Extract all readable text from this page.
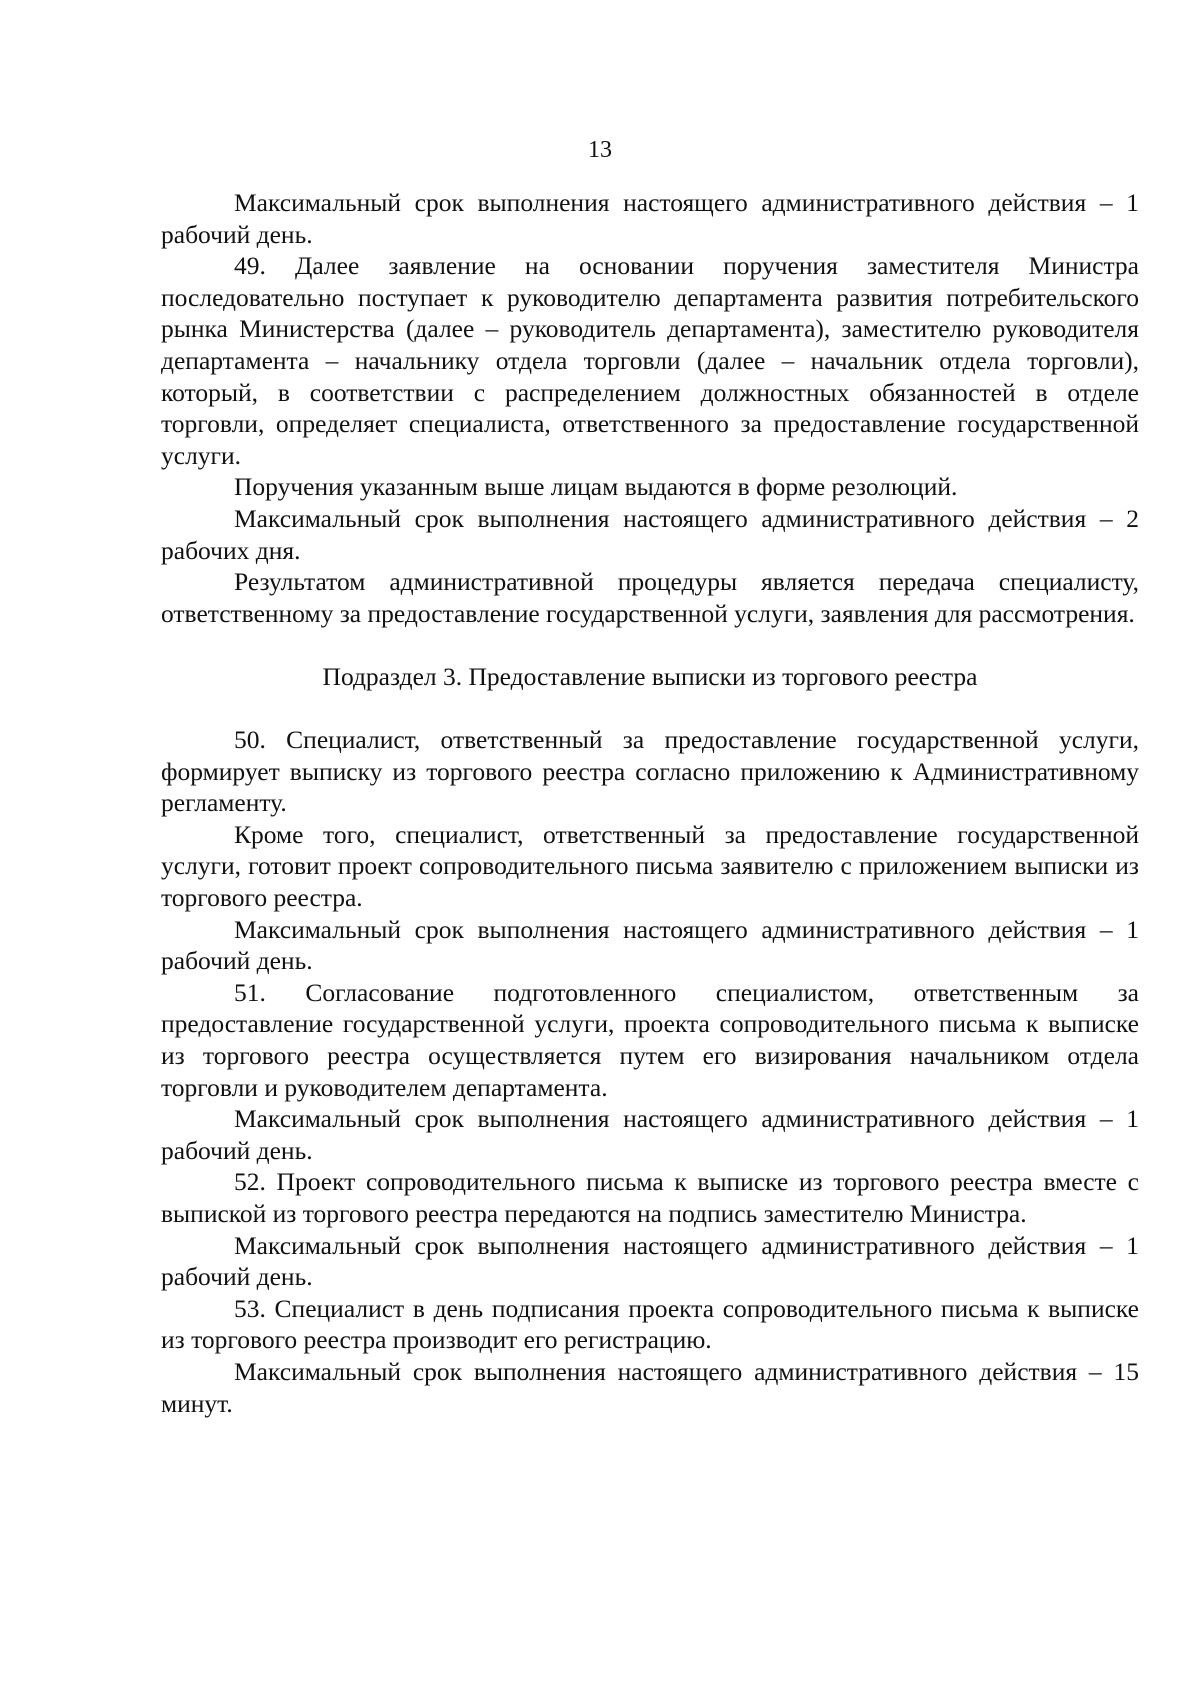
13

Максимальный срок выполнения настоящего административного действия – 1 рабочий день.

49. Далее заявление на основании поручения заместителя Министра последовательно поступает к руководителю департамента развития потребительского рынка Министерства (далее – руководитель департамента), заместителю руководителя департамента – начальнику отдела торговли (далее – начальник отдела торговли), который, в соответствии с распределением должностных обязанностей в отделе торговли, определяет специалиста, ответственного за предоставление государственной услуги.

Поручения указанным выше лицам выдаются в форме резолюций.

Максимальный срок выполнения настоящего административного действия – 2 рабочих дня.

Результатом административной процедуры является передача специалисту, ответственному за предоставление государственной услуги, заявления для рассмотрения.

Подраздел 3. Предоставление выписки из торгового реестра

50. Специалист, ответственный за предоставление государственной услуги, формирует выписку из торгового реестра согласно приложению к Административному регламенту.

Кроме того, специалист, ответственный за предоставление государственной услуги, готовит проект сопроводительного письма заявителю с приложением выписки из торгового реестра.

Максимальный срок выполнения настоящего административного действия – 1 рабочий день.

51. Согласование подготовленного специалистом, ответственным за предоставление государственной услуги, проекта сопроводительного письма к выписке из торгового реестра осуществляется путем его визирования начальником отдела торговли и руководителем департамента.

Максимальный срок выполнения настоящего административного действия – 1 рабочий день.

52. Проект сопроводительного письма к выписке из торгового реестра вместе с выпиской из торгового реестра передаются на подпись заместителю Министра.

Максимальный срок выполнения настоящего административного действия – 1 рабочий день.

53. Специалист в день подписания проекта сопроводительного письма к выписке из торгового реестра производит его регистрацию.

Максимальный срок выполнения настоящего административного действия – 15 минут.
